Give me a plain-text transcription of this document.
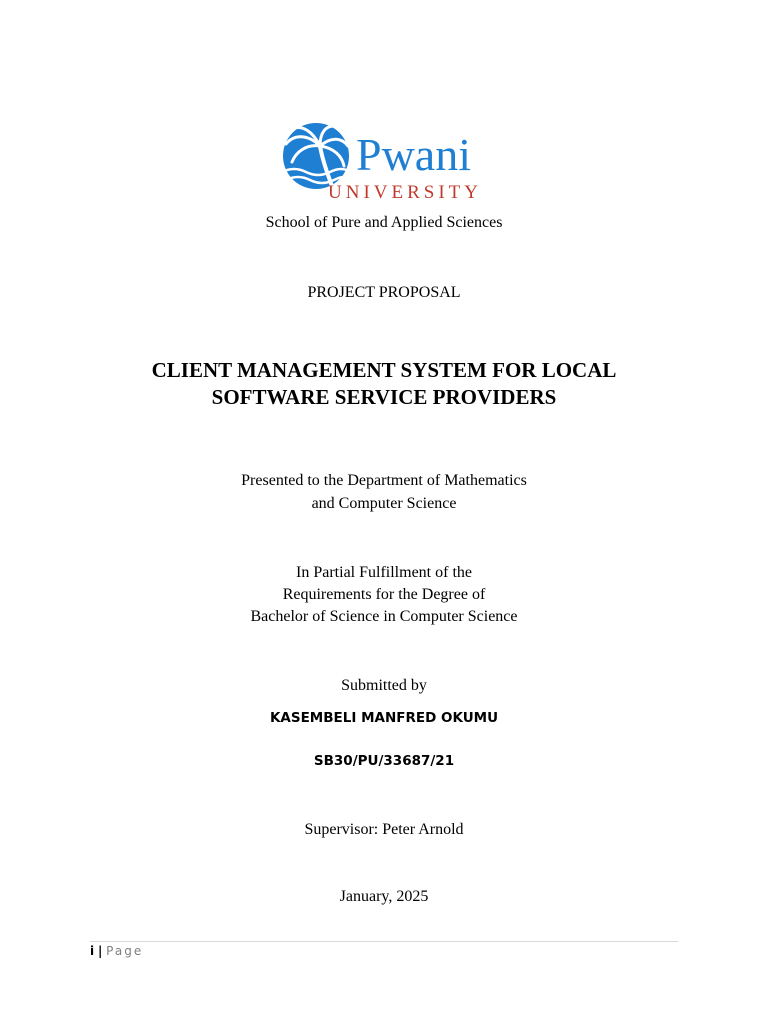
Pwani
UNIVERSITY
School of Pure and Applied Sciences
PROJECT PROPOSAL
CLIENT MANAGEMENT SYSTEM FOR LOCAL
SOFTWARE SERVICE PROVIDERS
Presented to the Department of Mathematics
and Computer Science
In Partial Fulfillment of the
Requirements for the Degree of
Bachelor of Science in Computer Science
Submitted by
KASEMBELI MANFRED OKUMU
SB30/PU/33687/21
Supervisor: Peter Arnold
January, 2025
i | Page
